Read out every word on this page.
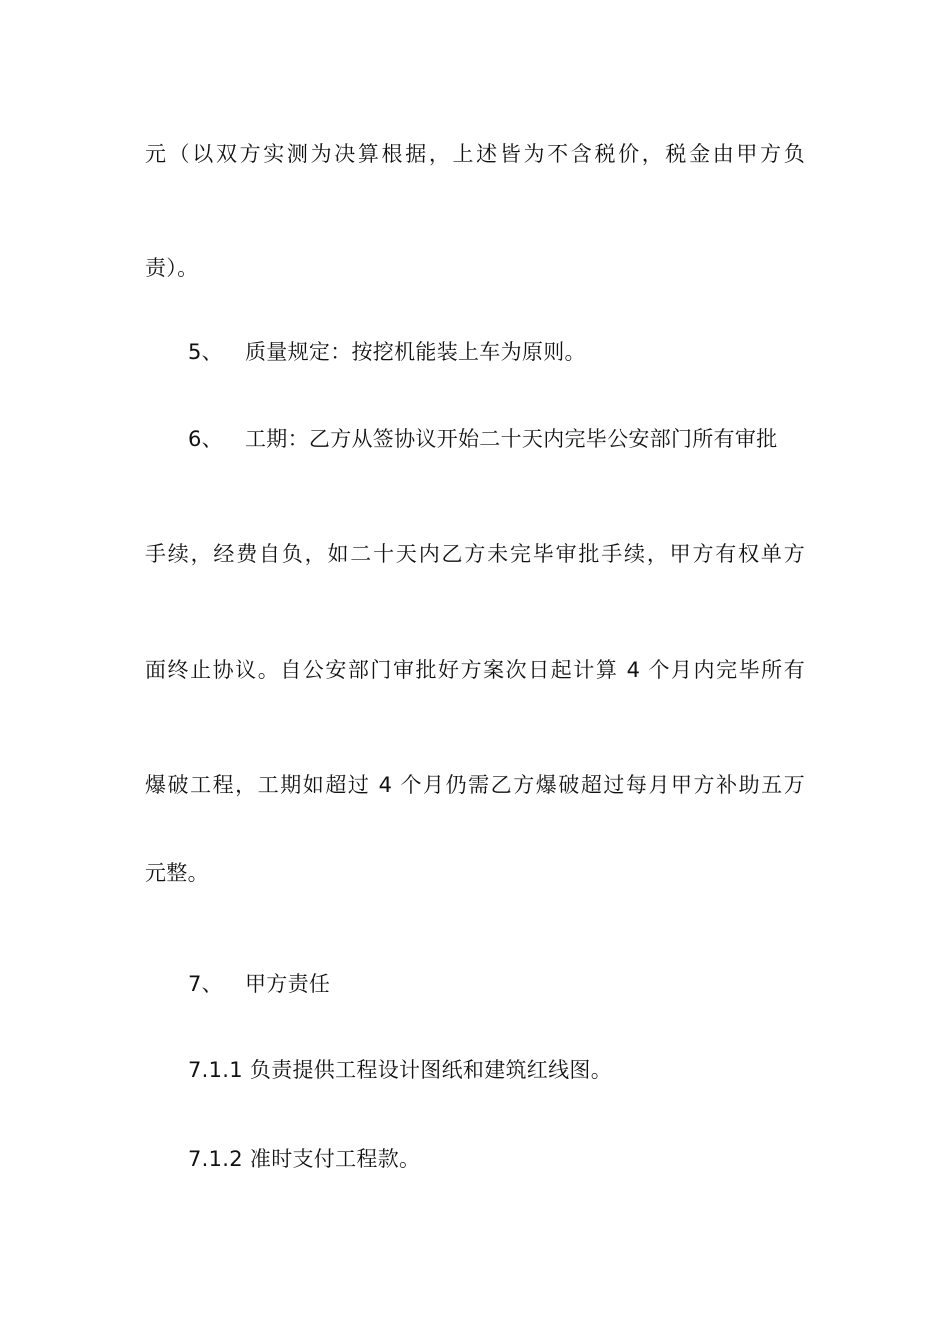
元（以双方实测为决算根据，上述皆为不含税价，税金由甲方负
责）。
5、 质量规定：按挖机能装上车为原则。
6、 工期：乙方从签协议开始二十天内完毕公安部门所有审批
手续，经费自负，如二十天内乙方未完毕审批手续，甲方有权单方
面终止协议。自公安部门审批好方案次日起计算 4 个月内完毕所有
爆破工程，工期如超过 4 个月仍需乙方爆破超过每月甲方补助五万
元整。
7、 甲方责任
7.1.1 负责提供工程设计图纸和建筑红线图。
7.1.2 准时支付工程款。
